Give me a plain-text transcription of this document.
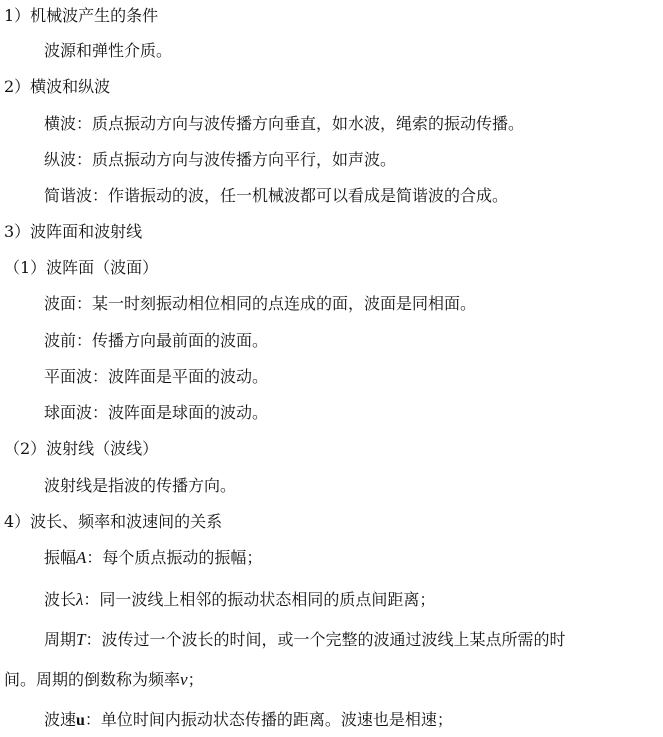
1）机械波产生的条件
波源和弹性介质。
2）横波和纵波
横波：质点振动方向与波传播方向垂直，如水波，绳索的振动传播。
纵波：质点振动方向与波传播方向平行，如声波。
简谐波：作谐振动的波，任一机械波都可以看成是简谐波的合成。
3）波阵面和波射线
（1）波阵面（波面）
波面：某一时刻振动相位相同的点连成的面，波面是同相面。
波前：传播方向最前面的波面。
平面波：波阵面是平面的波动。
球面波：波阵面是球面的波动。
（2）波射线（波线）
波射线是指波的传播方向。
4）波长、频率和波速间的关系
振幅A：每个质点振动的振幅；
波长λ：同一波线上相邻的振动状态相同的质点间距离；
周期T：波传过一个波长的时间，或一个完整的波通过波线上某点所需的时
间。周期的倒数称为频率ν；
波速u：单位时间内振动状态传播的距离。波速也是相速；
